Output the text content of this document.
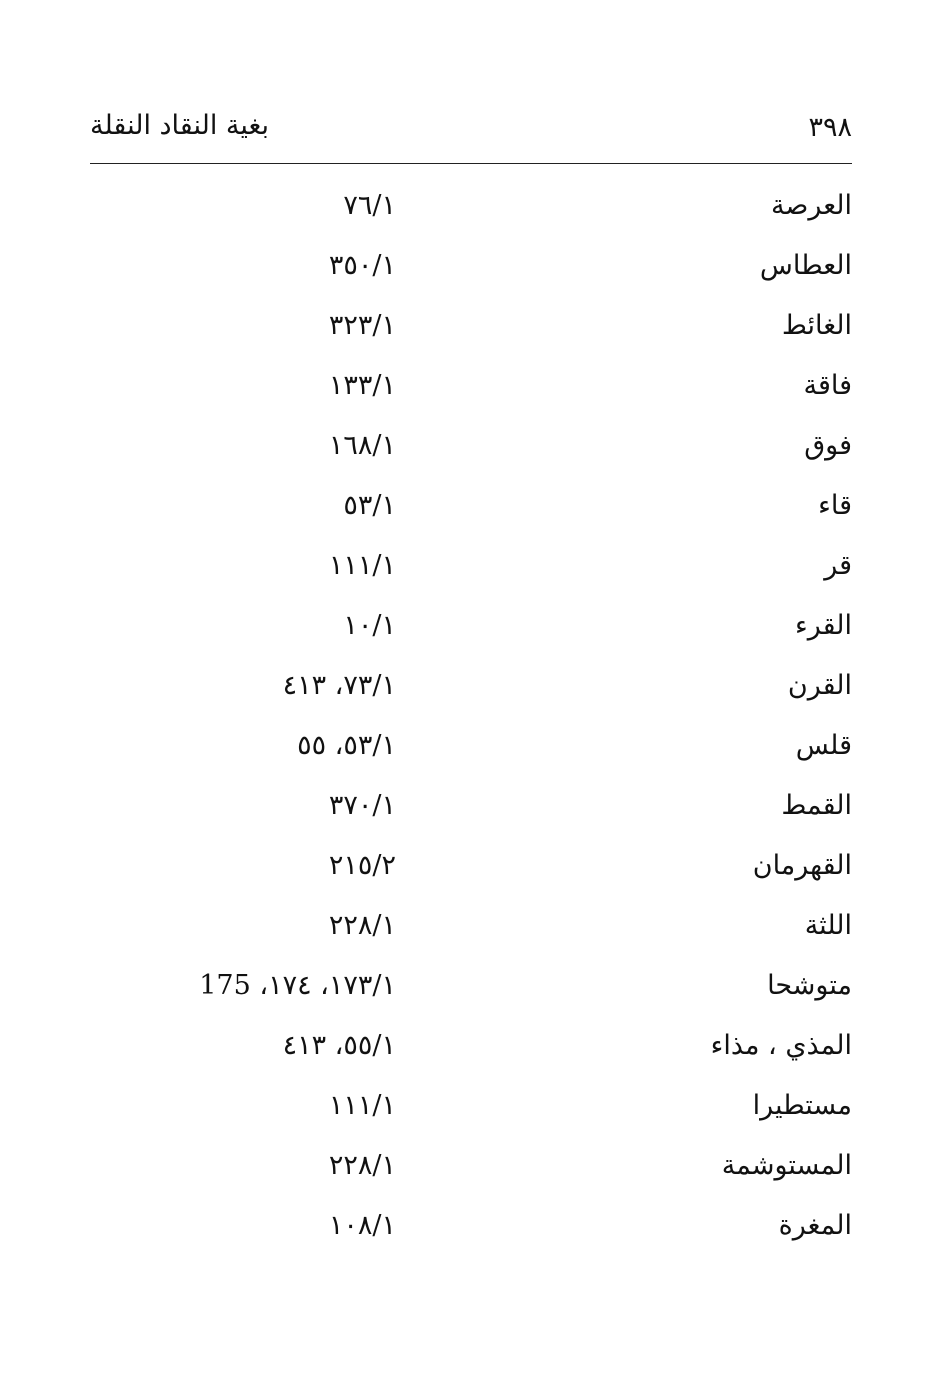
٣٩٨
بغية النقاد النقلة
العرصة
٧٦/١
العطاس
٣٥٠/١
الغائط
٣٢٣/١
فاقة
١٣٣/١
فوق
١٦٨/١
قاء
٥٣/١
قر
١١١/١
القرء
١٠/١
القرن
٧٣/١، ٤١٣
قلس
٥٣/١، ٥٥
القمط
٣٧٠/١
القهرمان
٢١٥/٢
اللثة
٢٢٨/١
متوشحا
١٧٣/١، ١٧٤، 175
المذي ، مذاء
٥٥/١، ٤١٣
مستطيرا
١١١/١
المستوشمة
٢٢٨/١
المغرة
١٠٨/١
